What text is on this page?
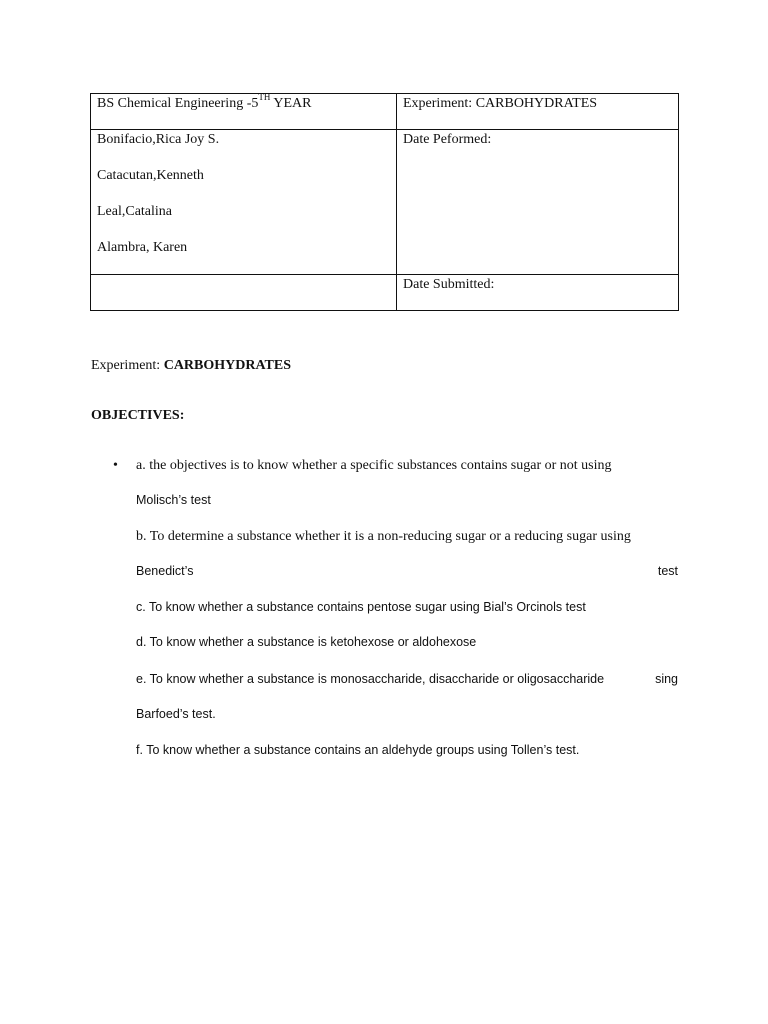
BS Chemical Engineering -5TH YEAR	Experiment: CARBOHYDRATES

Bonifacio,Rica Joy S.
Catacutan,Kenneth
Leal,Catalina
Alambra, Karen	Date Peformed:

	Date Submitted:
Experiment: CARBOHYDRATES
OBJECTIVES:
• a. the objectives is to know whether a specific substances contains sugar or not using
Molisch’s test
b. To determine a substance whether it is a non-reducing sugar or a reducing sugar using
Benedict’s	test
c. To know whether a substance contains pentose sugar using Bial’s Orcinols test
d. To know whether a substance is ketohexose or aldohexose
e. To know whether a substance is monosaccharide, disaccharide or oligosaccharide	sing
Barfoed’s test.
f. To know whether a substance contains an aldehyde groups using Tollen’s test.
